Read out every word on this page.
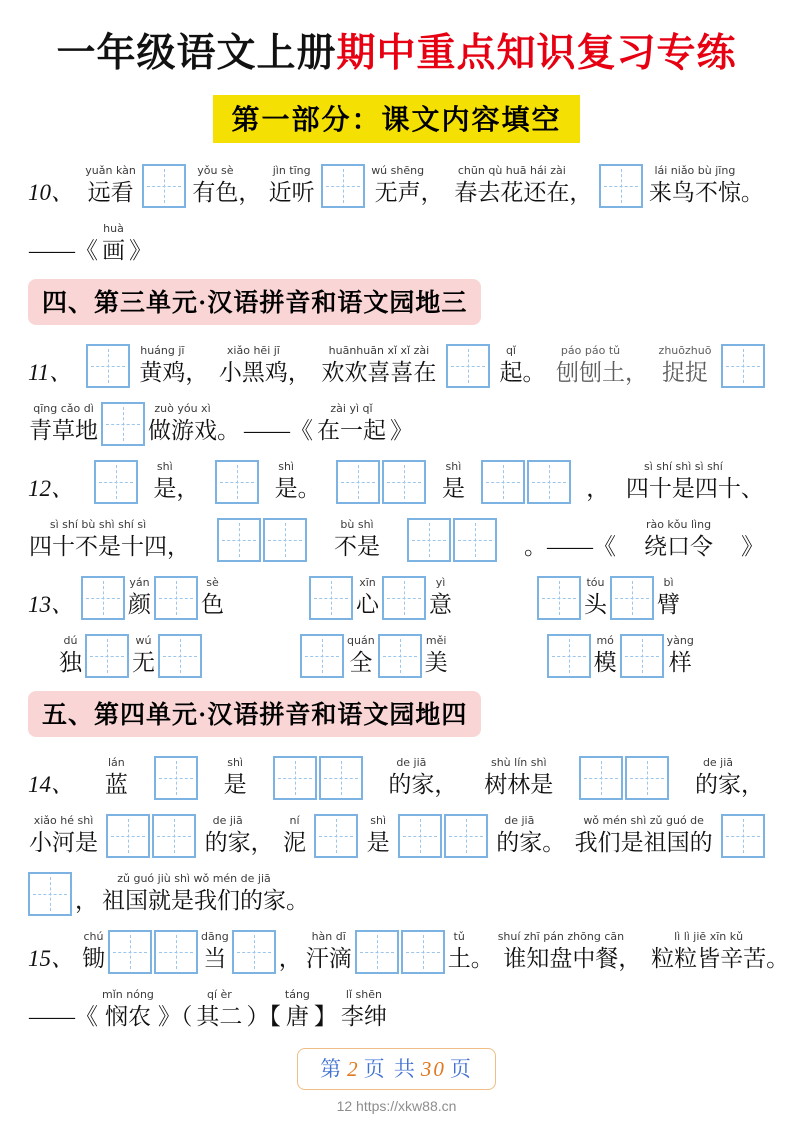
一年级语文上册期中重点知识复习专练
第一部分：课文内容填空
10、
yuǎn kàn
远看
yǒu sè
有色，
jìn tīng
近听
wú shēng
无声，
chūn qù huā hái zài
春去花还在，
lái niǎo bù jīng
来鸟不惊。
——《
huà
画 》
四、第三单元·汉语拼音和语文园地三
11、
huáng jī
黄鸡，
xiǎo hēi jī
小黑鸡，
huānhuān xǐ xǐ zài
欢欢喜喜在
qǐ
起。
páo páo tǔ
刨刨土，
zhuōzhuō
捉捉
qīng cǎo dì
青草地
zuò yóu xì
做游戏。 ——《
zài yì qǐ
在一起 》
12、
shì
是，
shì
是。
shì
是	，
sì shí shì sì shí
四十是四十、
sì shí bù shì shí sì
四十不是十四，
bù shì
不是	。——《
rào kǒu lìng
绕口令 》
13、
yán
颜
sè
色
xīn
心
yì
意
tóu
头
bì
臂
dú
独
wú
无
quán
全
měi
美
mó
模
yàng
样
五、第四单元·汉语拼音和语文园地四
14、
lán
蓝
shì
是
de jiā
的家，
shù lín shì
树林是
de jiā
的家，
xiǎo hé shì
小河是
de jiā
的家，
ní
泥
shì
是
de jiā
的家。
wǒ mén shì zǔ guó de
我们是祖国的
，
zǔ guó jiù shì wǒ mén de jiā
祖国就是我们的家。
15、
chú
锄
dāng
当 ，
hàn dī
汗滴
tǔ
土。
shuí zhī pán zhōng cān
谁知盘中餐，
lì lì jiē xīn kǔ
粒粒皆辛苦。
——《
mǐn nóng
悯农 》（
qí èr
其二 ）【
táng
唐 】
lǐ shēn
李绅
第 2 页 共 30 页
12 https://xkw88.cn
